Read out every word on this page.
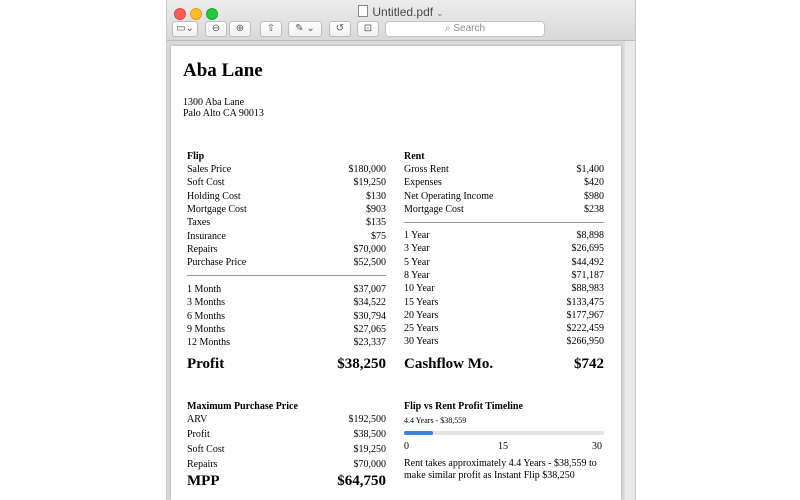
Untitled.pdf ⌄
▭⌄	⊖	⊕	⇧	✎ ⌄	↺	⊡	⌕ Search
Aba Lane
1300 Aba Lane
Palo Alto CA 90013
Flip
Sales Price	$180,000
Soft Cost	$19,250
Holding Cost	$130
Mortgage Cost	$903
Taxes	$135
Insurance	$75
Repairs	$70,000
Purchase Price	$52,500
1 Month	$37,007
3 Months	$34,522
6 Months	$30,794
9 Months	$27,065
12 Months	$23,337
Profit	$38,250
Rent
Gross Rent	$1,400
Expenses	$420
Net Operating Income	$980
Mortgage Cost	$238
1 Year	$8,898
3 Year	$26,695
5 Year	$44,492
8 Year	$71,187
10 Year	$88,983
15 Years	$133,475
20 Years	$177,967
25 Years	$222,459
30 Years	$266,950
Cashflow Mo.	$742
Maximum Purchase Price
ARV	$192,500
Profit	$38,500
Soft Cost	$19,250
Repairs	$70,000
MPP	$64,750
Flip vs Rent Profit Timeline
4.4 Years - $38,559
0	15	30
Rent takes approximately 4.4 Years - $38,559 to make similar profit as Instant Flip $38,250
